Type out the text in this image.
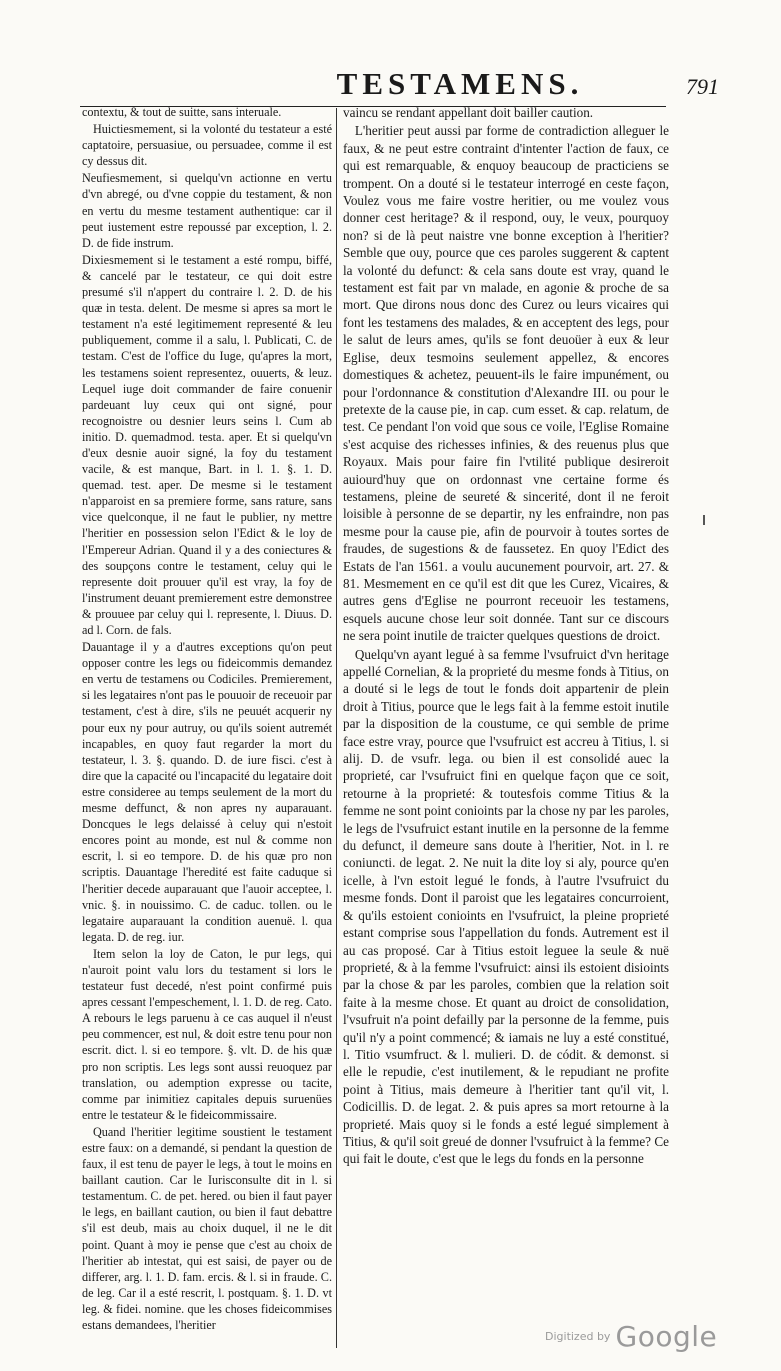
TESTAMENS.	791

contextu, & tout de suitte, sans interuale.

Huictiesmement, si la volonté du testateur a esté captatoire, persuasiue, ou persuadee, comme il est cy dessus dit.

Neufiesmement, si quelqu'vn actionne en vertu d'vn abregé, ou d'vne coppie du testament, & non en vertu du mesme testament authentique: car il peut iustement estre repoussé par exception, l. 2. D. de fide instrum.

Dixiesmement si le testament a esté rompu, biffé, & cancelé par le testateur, ce qui doit estre presumé s'il n'appert du contraire l. 2. D. de his quæ in testa. delent. De mesme si apres sa mort le testament n'a esté legitimement representé & leu publiquement, comme il a salu, l. Publicati, C. de testam. C'est de l'office du Iuge, qu'apres la mort, les testamens soient representez, ouuerts, & leuz. Lequel iuge doit commander de faire conuenir pardeuant luy ceux qui ont signé, pour recognoistre ou desnier leurs seins l. Cum ab initio. D. quemadmod. testa. aper. Et si quelqu'vn d'eux desnie auoir signé, la foy du testament vacile, & est manque, Bart. in l. 1. §. 1. D. quemad. test. aper. De mesme si le testament n'apparoist en sa premiere forme, sans rature, sans vice quelconque, il ne faut le publier, ny mettre l'heritier en possession selon l'Edict & le loy de l'Empereur Adrian. Quand il y a des coniectures & des soupçons contre le testament, celuy qui le represente doit prouuer qu'il est vray, la foy de l'instrument deuant premierement estre demonstree & prouuee par celuy qui l. represente, l. Diuus. D. ad l. Corn. de fals.

Dauantage il y a d'autres exceptions qu'on peut opposer contre les legs ou fideicommis demandez en vertu de testamens ou Codiciles. Premierement, si les legataires n'ont pas le pouuoir de receuoir par testament, c'est à dire, s'ils ne peuuét acquerir ny pour eux ny pour autruy, ou qu'ils soient autremét incapables, en quoy faut regarder la mort du testateur, l. 3. §. quando. D. de iure fisci. c'est à dire que la capacité ou l'incapacité du legataire doit estre consideree au temps seulement de la mort du mesme deffunct, & non apres ny auparauant. Doncques le legs delaissé à celuy qui n'estoit encores point au monde, est nul & comme non escrit, l. si eo tempore. D. de his quæ pro non scriptis. Dauantage l'heredité est faite caduque si l'heritier decede auparauant que l'auoir acceptee, l. vnic. §. in nouissimo. C. de caduc. tollen. ou le legataire auparauant la condition auenuë. l. qua legata. D. de reg. iur.

Item selon la loy de Caton, le pur legs, qui n'auroit point valu lors du testament si lors le testateur fust decedé, n'est point confirmé puis apres cessant l'empeschement, l. 1. D. de reg. Cato. A rebours le legs paruenu à ce cas auquel il n'eust peu commencer, est nul, & doit estre tenu pour non escrit. dict. l. si eo tempore. §. vlt. D. de his quæ pro non scriptis. Les legs sont aussi reuoquez par translation, ou ademption expresse ou tacite, comme par inimitiez capitales depuis suruenües entre le testateur & le fideicommissaire.

Quand l'heritier legitime soustient le testament estre faux: on a demandé, si pendant la question de faux, il est tenu de payer le legs, à tout le moins en baillant caution. Car le Iurisconsulte dit in l. si testamentum. C. de pet. hered. ou bien il faut payer le legs, en baillant caution, ou bien il faut debattre s'il est deub, mais au choix duquel, il ne le dit point. Quant à moy ie pense que c'est au choix de l'heritier ab intestat, qui est saisi, de payer ou de differer, arg. l. 1. D. fam. ercis. & l. si in fraude. C. de leg. Car il a esté rescrit, l. postquam. §. 1. D. vt leg. & fidei. nomine. que les choses fideicommises estans demandees, l'heritier

vaincu se rendant appellant doit bailler caution.

L'heritier peut aussi par forme de contradiction alleguer le faux, & ne peut estre contraint d'intenter l'action de faux, ce qui est remarquable, & enquoy beaucoup de practiciens se trompent. On a douté si le testateur interrogé en ceste façon, Voulez vous me faire vostre heritier, ou me voulez vous donner cest heritage? & il respond, ouy, le veux, pourquoy non? si de là peut naistre vne bonne exception à l'heritier? Semble que ouy, pource que ces paroles suggerent & captent la volonté du defunct: & cela sans doute est vray, quand le testament est fait par vn malade, en agonie & proche de sa mort. Que dirons nous donc des Curez ou leurs vicaires qui font les testamens des malades, & en acceptent des legs, pour le salut de leurs ames, qu'ils se font deuoüer à eux & leur Eglise, deux tesmoins seulement appellez, & encores domestiques & achetez, peuuent-ils le faire impunément, ou pour l'ordonnance & constitution d'Alexandre III. ou pour le pretexte de la cause pie, in cap. cum esset. & cap. relatum, de test. Ce pendant l'on void que sous ce voile, l'Eglise Romaine s'est acquise des richesses infinies, & des reuenus plus que Royaux. Mais pour faire fin l'vtilité publique desireroit auiourd'huy que on ordonnast vne certaine forme és testamens, pleine de seureté & sincerité, dont il ne feroit loisible à personne de se departir, ny les enfraindre, non pas mesme pour la cause pie, afin de pourvoir à toutes sortes de fraudes, de sugestions & de faussetez. En quoy l'Edict des Estats de l'an 1561. a voulu aucunement pourvoir, art. 27. & 81. Mesmement en ce qu'il est dit que les Curez, Vicaires, & autres gens d'Eglise ne pourront receuoir les testamens, esquels aucune chose leur soit donnée. Tant sur ce discours ne sera point inutile de traicter quelques questions de droict.

Quelqu'vn ayant legué à sa femme l'vsufruict d'vn heritage appellé Cornelian, & la proprieté du mesme fonds à Titius, on a douté si le legs de tout le fonds doit appartenir de plein droit à Titius, pource que le legs fait à la femme estoit inutile par la disposition de la coustume, ce qui semble de prime face estre vray, pource que l'vsufruict est accreu à Titius, l. si alij. D. de vsufr. lega. ou bien il est consolidé auec la proprieté, car l'vsufruict fini en quelque façon que ce soit, retourne à la proprieté: & toutesfois comme Titius & la femme ne sont point conioints par la chose ny par les paroles, le legs de l'vsufruict estant inutile en la personne de la femme du defunct, il demeure sans doute à l'heritier, Not. in l. re coniuncti. de legat. 2. Ne nuit la dite loy si aly, pource qu'en icelle, à l'vn estoit legué le fonds, à l'autre l'vsufruict du mesme fonds. Dont il paroist que les legataires concurroient, & qu'ils estoient conioints en l'vsufruict, la pleine proprieté estant comprise sous l'appellation du fonds. Autrement est il au cas proposé. Car à Titius estoit leguee la seule & nuë proprieté, & à la femme l'vsufruict: ainsi ils estoient disioints par la chose & par les paroles, combien que la relation soit faite à la mesme chose. Et quant au droict de consolidation, l'vsufruit n'a point defailly par la personne de la femme, puis qu'il n'y a point commencé; & iamais ne luy a esté constitué, l. Titio vsumfruct. & l. mulieri. D. de códit. & demonst. si elle le repudie, c'est inutilement, & le repudiant ne profite point à Titius, mais demeure à l'heritier tant qu'il vit, l. Codicillis. D. de legat. 2. & puis apres sa mort retourne à la proprieté. Mais quoy si le fonds a esté legué simplement à Titius, & qu'il soit greué de donner l'vsufruict à la femme? Ce qui fait le doute, c'est que le legs du fonds en la personne

Digitized by Google
